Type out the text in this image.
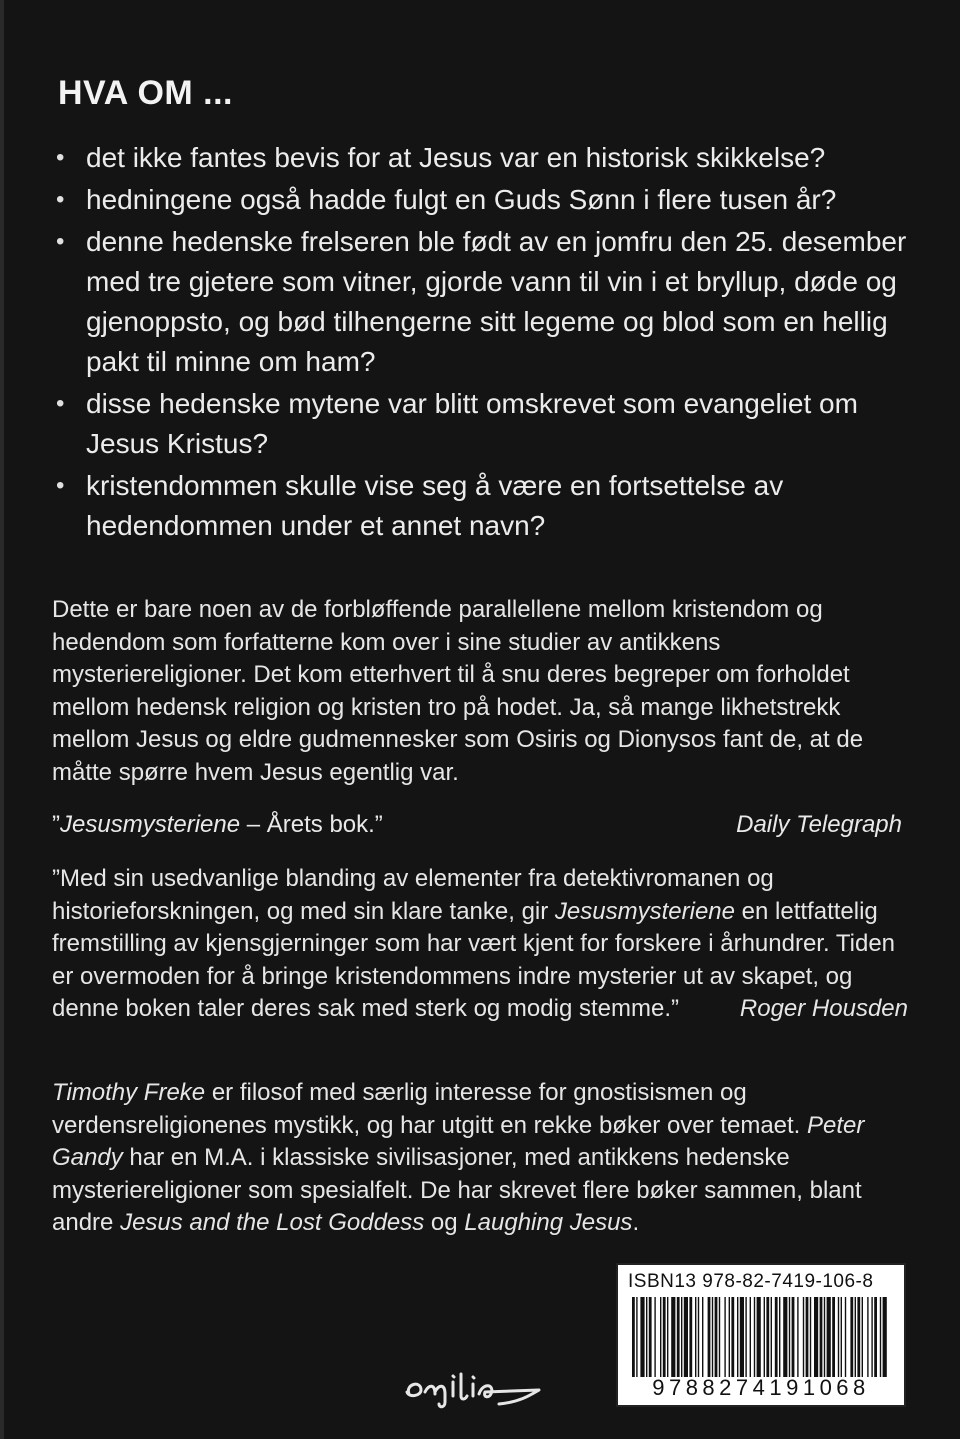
HVA OM ...
• det ikke fantes bevis for at Jesus var en historisk skikkelse?
• hedningene også hadde fulgt en Guds Sønn i flere tusen år?
• denne hedenske frelseren ble født av en jomfru den 25. desember med tre gjetere som vitner, gjorde vann til vin i et bryllup, døde og gjenoppsto, og bød tilhengerne sitt legeme og blod som en hellig pakt til minne om ham?
• disse hedenske mytene var blitt omskrevet som evangeliet om Jesus Kristus?
• kristendommen skulle vise seg å være en fortsettelse av hedendommen under et annet navn?
Dette er bare noen av de forbløffende parallellene mellom kristendom og hedendom som forfatterne kom over i sine studier av antikkens mysteriereligioner. Det kom etterhvert til å snu deres begreper om forholdet mellom hedensk religion og kristen tro på hodet. Ja, så mange likhetstrekk mellom Jesus og eldre gudmennesker som Osiris og Dionysos fant de, at de måtte spørre hvem Jesus egentlig var.
”Jesusmysteriene – Årets bok.”	Daily Telegraph
”Med sin usedvanlige blanding av elementer fra detektivromanen og historieforskningen, og med sin klare tanke, gir Jesusmysteriene en lettfattelig fremstilling av kjensgjerninger som har vært kjent for forskere i århundrer. Tiden er overmoden for å bringe kristendommens indre mysterier ut av skapet, og denne boken taler deres sak med sterk og modig stemme.”	Roger Housden
Timothy Freke er filosof med særlig interesse for gnostisismen og verdensreligionenes mystikk, og har utgitt en rekke bøker over temaet. Peter Gandy har en M.A. i klassiske sivilisasjoner, med antikkens hedenske mysteriereligioner som spesialfelt. De har skrevet flere bøker sammen, blant andre Jesus and the Lost Goddess og Laughing Jesus.
ISBN13 978-82-7419-106-8
9788274191068
